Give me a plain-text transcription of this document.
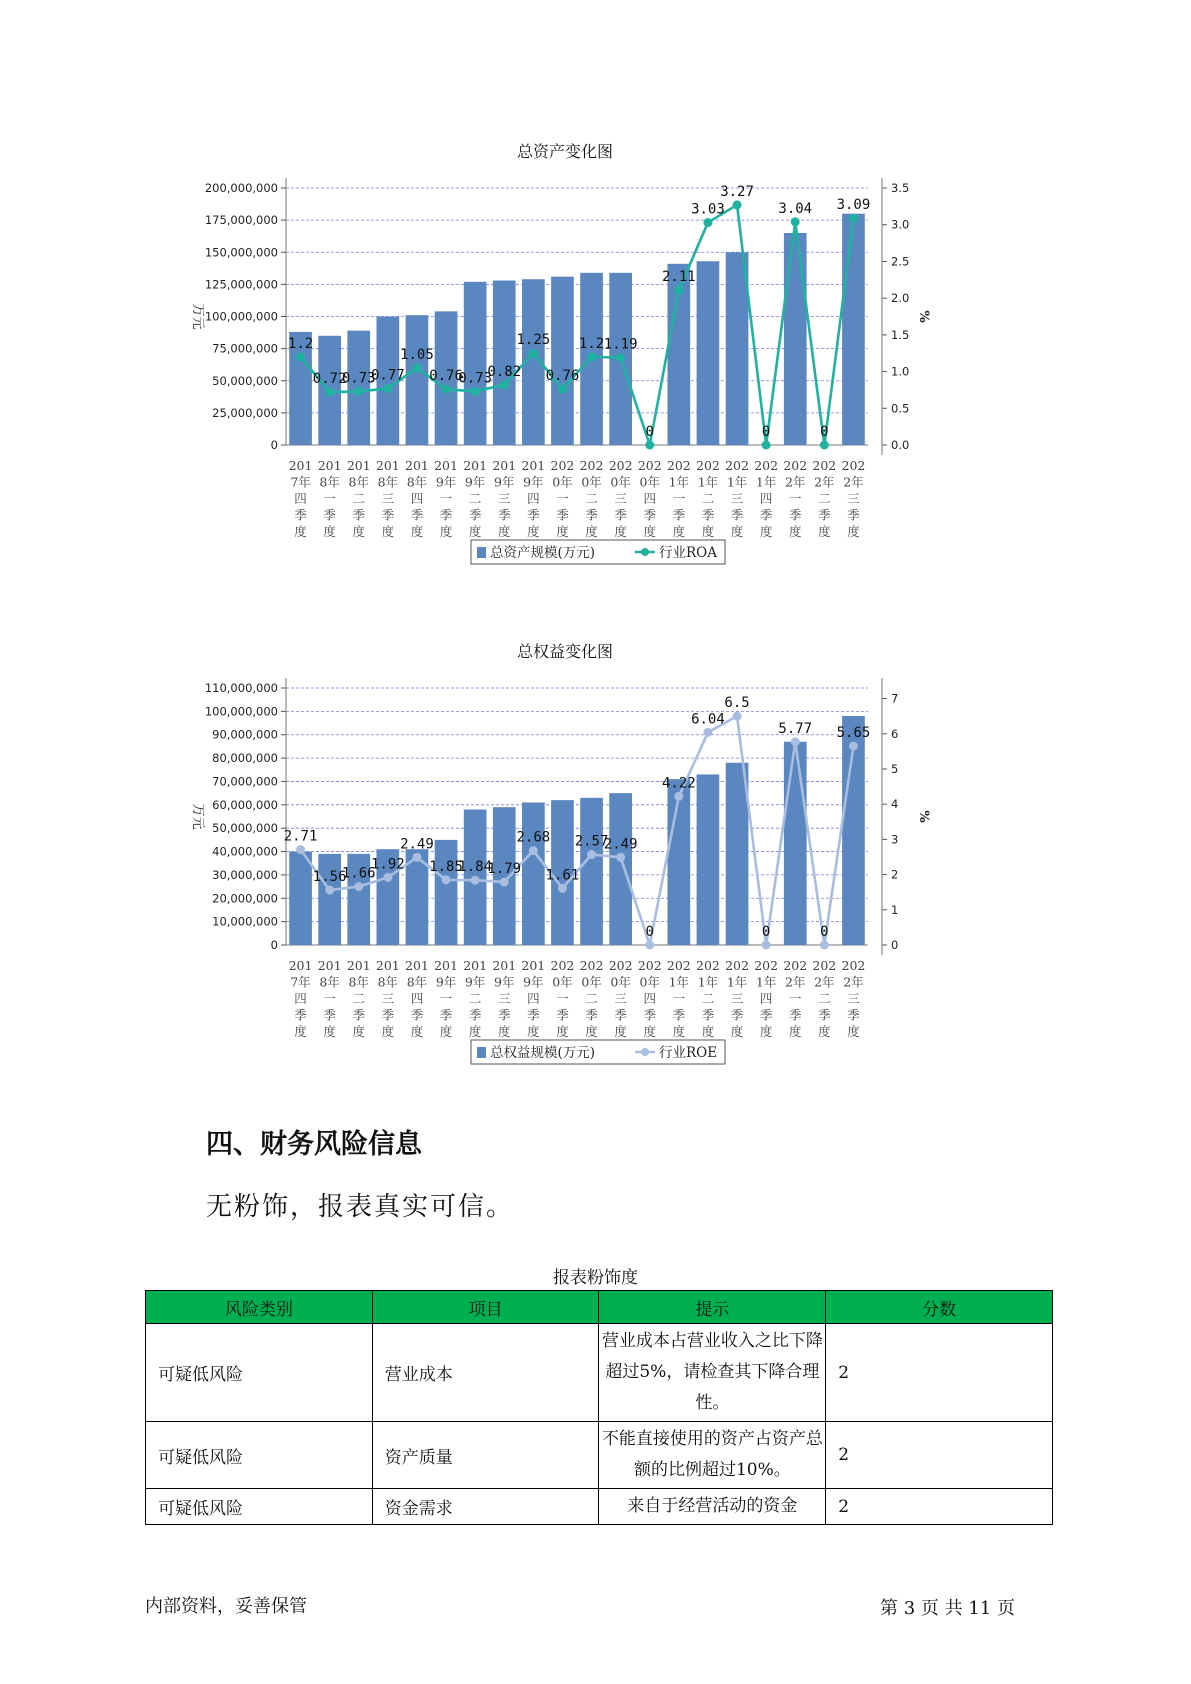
总资产变化图
0
25,000,000
50,000,000
75,000,000
100,000,000
125,000,000
150,000,000
175,000,000
200,000,000
0.0
0.5
1.0
1.5
2.0
2.5
3.0
3.5
万元	%
201 7年四季度
201 8年一季度
201 8年二季度
201 8年三季度
201 8年四季度
201 9年一季度
201 9年二季度
201 9年三季度
201 9年四季度
202 0年一季度
202 0年二季度
202 0年三季度
202 0年四季度
202 1年一季度
202 1年二季度
202 1年三季度
202 1年四季度
202 2年一季度
202 2年二季度
202 2年三季度
1.2
0.72
0.73
0.77
1.05
0.76
0.73
0.82
1.25
0.76
1.2 1.19
0
2.11
3.03
3.27
0
3.04
0
3.09
总资产规模(万元)	行业ROA
总权益变化图
0
10,000,000
20,000,000
30,000,000
40,000,000
50,000,000
60,000,000
70,000,000
80,000,000
90,000,000
100,000,000
110,000,000
0
1
2
3
4
5
6
7
万元	%
201 7年四季度
201 8年一季度
201 8年二季度
201 8年三季度
201 8年四季度
201 9年一季度
201 9年二季度
201 9年三季度
201 9年四季度
202 0年一季度
202 0年二季度
202 0年三季度
202 0年四季度
202 1年一季度
202 1年二季度
202 1年三季度
202 1年四季度
202 2年一季度
202 2年二季度
202 2年三季度
2.71
1.56
1.66
1.92
2.49
1.85
1.84
1.79
2.68
1.61
2.57
2.49
0
4.22
6.04
6.5
0
5.77
0
5.65
总权益规模(万元)	行业ROE
四、财务风险信息

无粉饰，报表真实可信。

报表粉饰度
风险类别	项目	提示	分数
可疑低风险	营业成本	营业成本占营业收入之比下降超过5%，请检查其下降合理性。	2
可疑低风险	资产质量	不能直接使用的资产占资产总额的比例超过10%。	2
可疑低风险	资金需求	来自于经营活动的资金	2
内部资料，妥善保管	第 3 页 共 11 页
